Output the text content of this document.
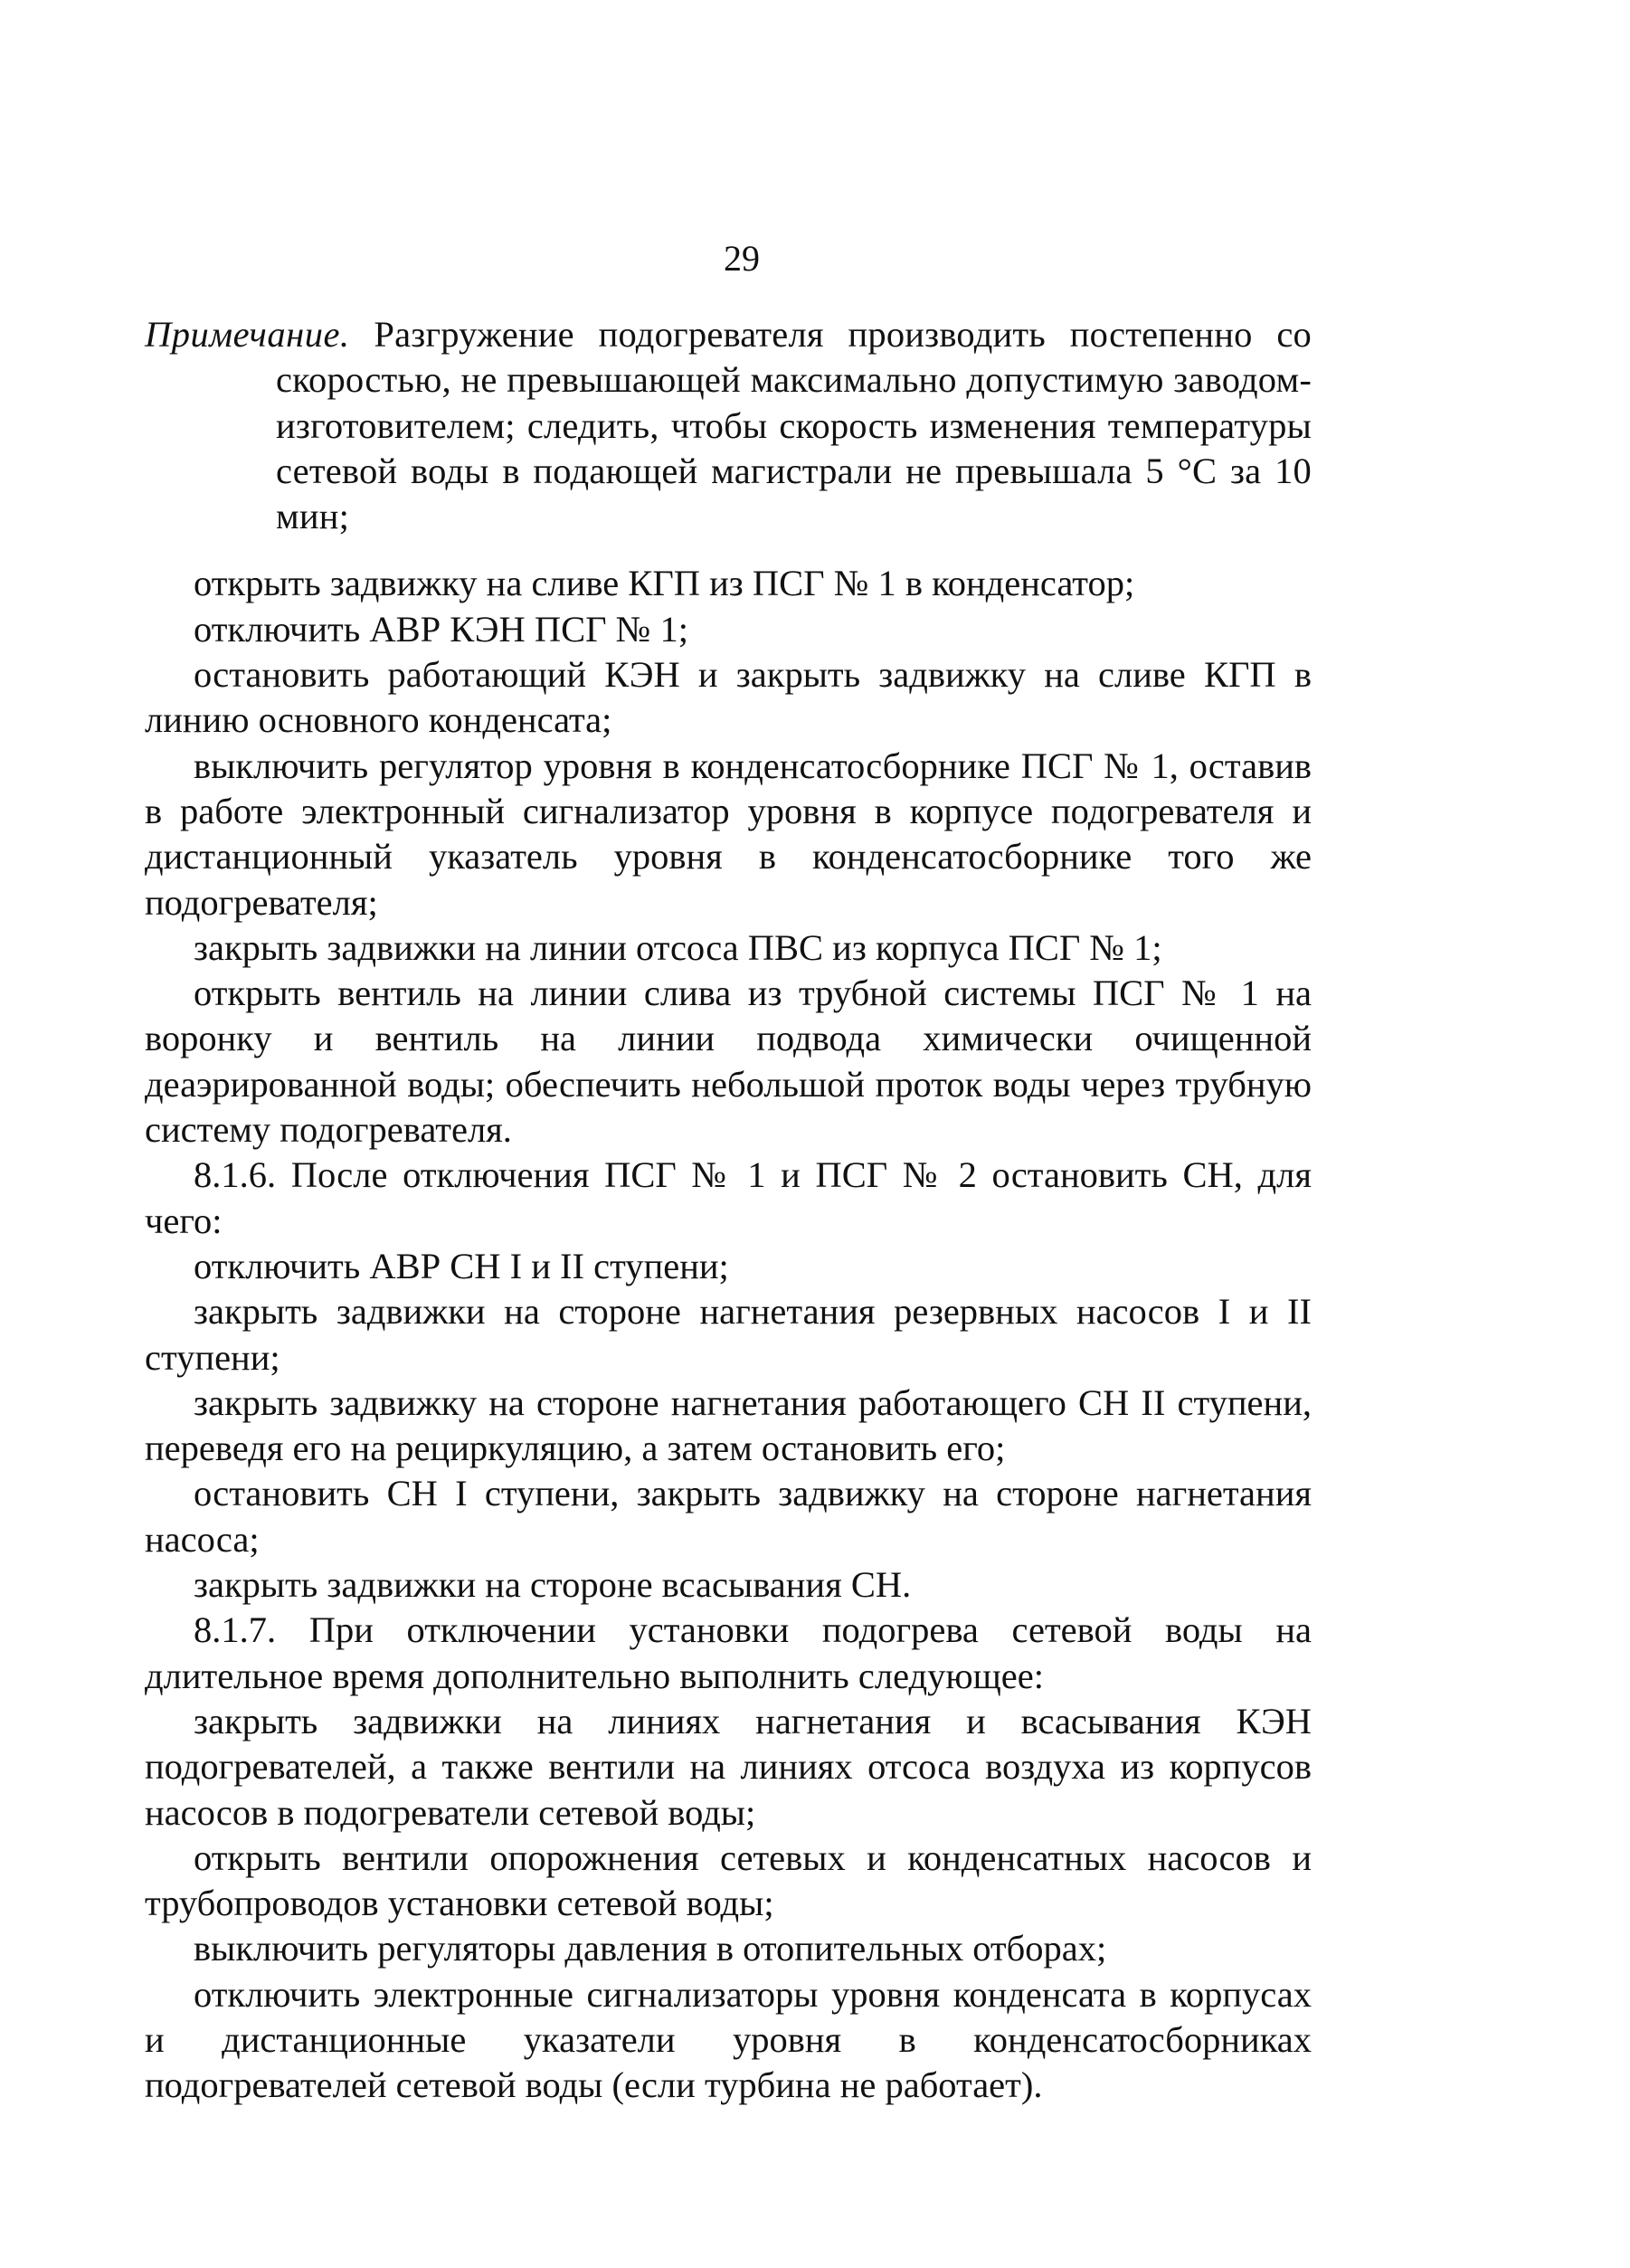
29

Примечание. Разгружение подогревателя производить постепенно со скоростью, не превышающей максимально допустимую заводом-изготовителем; следить, чтобы скорость изменения температуры сетевой воды в подающей магистрали не превышала 5 °С за 10 мин;

открыть задвижку на сливе КГП из ПСГ № 1 в конденсатор;

отключить АВР КЭН ПСГ № 1;

остановить работающий КЭН и закрыть задвижку на сливе КГП в линию основного конденсата;

выключить регулятор уровня в конденсатосборнике ПСГ № 1, оставив в работе электронный сигнализатор уровня в корпусе подогревателя и дистанционный указатель уровня в конденсатосборнике того же подогревателя;

закрыть задвижки на линии отсоса ПВС из корпуса ПСГ № 1;

открыть вентиль на линии слива из трубной системы ПСГ № 1 на воронку и вентиль на линии подвода химически очищенной деаэрированной воды; обеспечить небольшой проток воды через трубную систему подогревателя.

8.1.6. После отключения ПСГ № 1 и ПСГ № 2 остановить СН, для чего:

отключить АВР СН I и II ступени;

закрыть задвижки на стороне нагнетания резервных насосов I и II ступени;

закрыть задвижку на стороне нагнетания работающего СН II ступени, переведя его на рециркуляцию, а затем остановить его;

остановить СН I ступени, закрыть задвижку на стороне нагнетания насоса;

закрыть задвижки на стороне всасывания СН.

8.1.7. При отключении установки подогрева сетевой воды на длительное время дополнительно выполнить следующее:

закрыть задвижки на линиях нагнетания и всасывания КЭН подогревателей, а также вентили на линиях отсоса воздуха из корпусов насосов в подогреватели сетевой воды;

открыть вентили опорожнения сетевых и конденсатных насосов и трубопроводов установки сетевой воды;

выключить регуляторы давления в отопительных отборах;

отключить электронные сигнализаторы уровня конденсата в корпусах и дистанционные указатели уровня в конденсатосборниках подогревателей сетевой воды (если турбина не работает).
